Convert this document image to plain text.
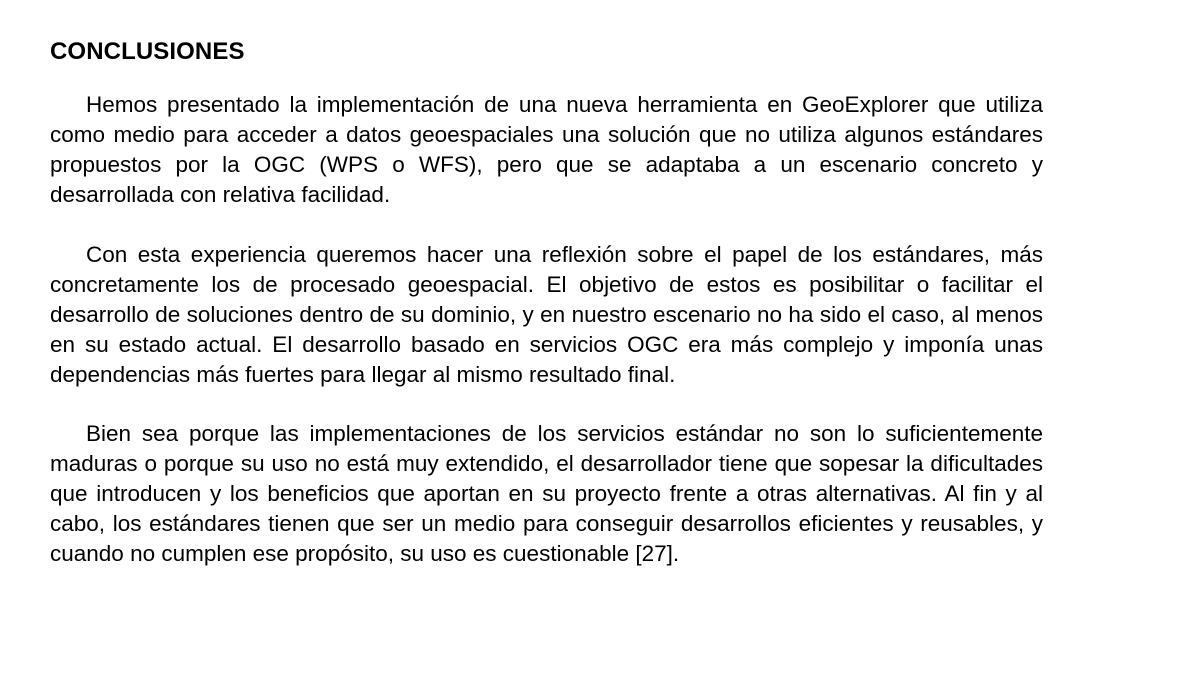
CONCLUSIONES

Hemos presentado la implementación de una nueva herramienta en GeoExplorer que utiliza como medio para acceder a datos geoespaciales una solución que no utiliza algunos estándares propuestos por la OGC (WPS o WFS), pero que se adaptaba a un escenario concreto y desarrollada con relativa facilidad.

Con esta experiencia queremos hacer una reflexión sobre el papel de los estándares, más concretamente los de procesado geoespacial. El objetivo de estos es posibilitar o facilitar el desarrollo de soluciones dentro de su dominio, y en nuestro escenario no ha sido el caso, al menos en su estado actual. El desarrollo basado en servicios OGC era más complejo y imponía unas dependencias más fuertes para llegar al mismo resultado final.

Bien sea porque las implementaciones de los servicios estándar no son lo suficientemente maduras o porque su uso no está muy extendido, el desarrollador tiene que sopesar la dificultades que introducen y los beneficios que aportan en su proyecto frente a otras alternativas. Al fin y al cabo, los estándares tienen que ser un medio para conseguir desarrollos eficientes y reusables, y cuando no cumplen ese propósito, su uso es cuestionable [27].
